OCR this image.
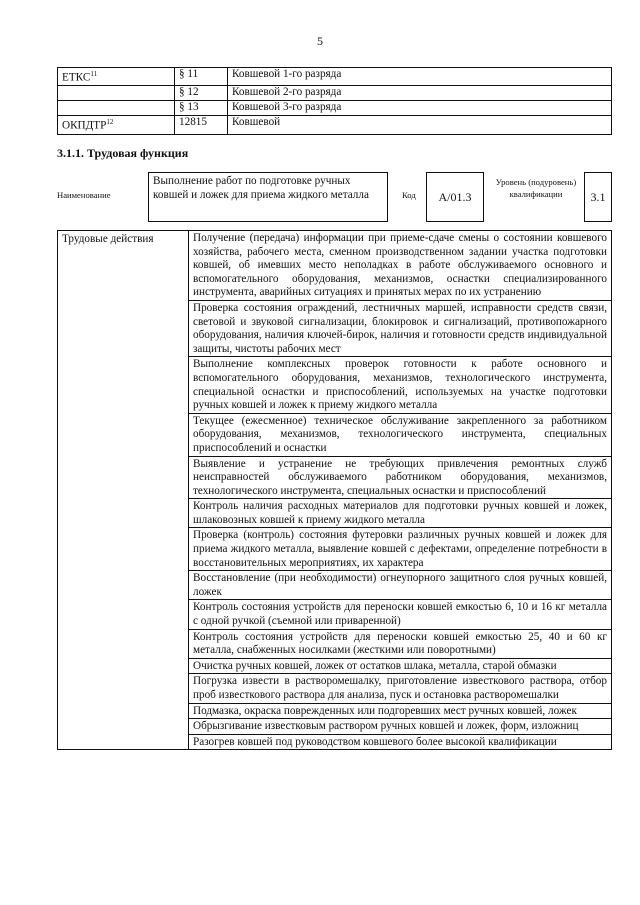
5
ЕТКС$^{11}$	§ 11	Ковшевой 1-го разряда
	§ 12	Ковшевой 2-го разряда
	§ 13	Ковшевой 3-го разряда
ОКПДТР$^{12}$	12815	Ковшевой
3.1.1. Трудовая функция
Наименование
Выполнение работ по подготовке ручных ковшей и ложек для приема жидкого металла	Код	A/01.3
Уровень (подуровень) квалификации	3.1
Трудовые действия	Получение (передача) информации при приеме-сдаче смены о состоянии ковшевого хозяйства, рабочего места, сменном производственном задании участка подготовки ковшей, об имевших место неполадках в работе обслуживаемого основного и вспомогательного оборудования, механизмов, оснастки специализированного инструмента, аварийных ситуациях и принятых мерах по их устранению
Проверка состояния ограждений, лестничных маршей, исправности средств связи, световой и звуковой сигнализации, блокировок и сигнализаций, противопожарного оборудования, наличия ключей-бирок, наличия и готовности средств индивидуальной защиты, чистоты рабочих мест
Выполнение комплексных проверок готовности к работе основного и вспомогательного оборудования, механизмов, технологического инструмента, специальной оснастки и приспособлений, используемых на участке подготовки ручных ковшей и ложек к приему жидкого металла
Текущее (ежесменное) техническое обслуживание закрепленного за работником оборудования, механизмов, технологического инструмента, специальных приспособлений и оснастки
Выявление и устранение не требующих привлечения ремонтных служб неисправностей обслуживаемого работником оборудования, механизмов, технологического инструмента, специальных оснастки и приспособлений
Контроль наличия расходных материалов для подготовки ручных ковшей и ложек, шлаковозных ковшей к приему жидкого металла
Проверка (контроль) состояния футеровки различных ручных ковшей и ложек для приема жидкого металла, выявление ковшей с дефектами, определение потребности в восстановительных мероприятиях, их характера
Восстановление (при необходимости) огнеупорного защитного слоя ручных ковшей, ложек
Контроль состояния устройств для переноски ковшей емкостью 6, 10 и 16 кг металла с одной ручкой (съемной или приваренной)
Контроль состояния устройств для переноски ковшей емкостью 25, 40 и 60 кг металла, снабженных носилками (жесткими или поворотными)
Очистка ручных ковшей, ложек от остатков шлака, металла, старой обмазки
Погрузка извести в растворомешалку, приготовление известкового раствора, отбор проб известкового раствора для анализа, пуск и остановка растворомешалки
Подмазка, окраска поврежденных или подгоревших мест ручных ковшей, ложек
Обрызгивание известковым раствором ручных ковшей и ложек, форм, изложниц
Разогрев ковшей под руководством ковшевого более высокой квалификации
